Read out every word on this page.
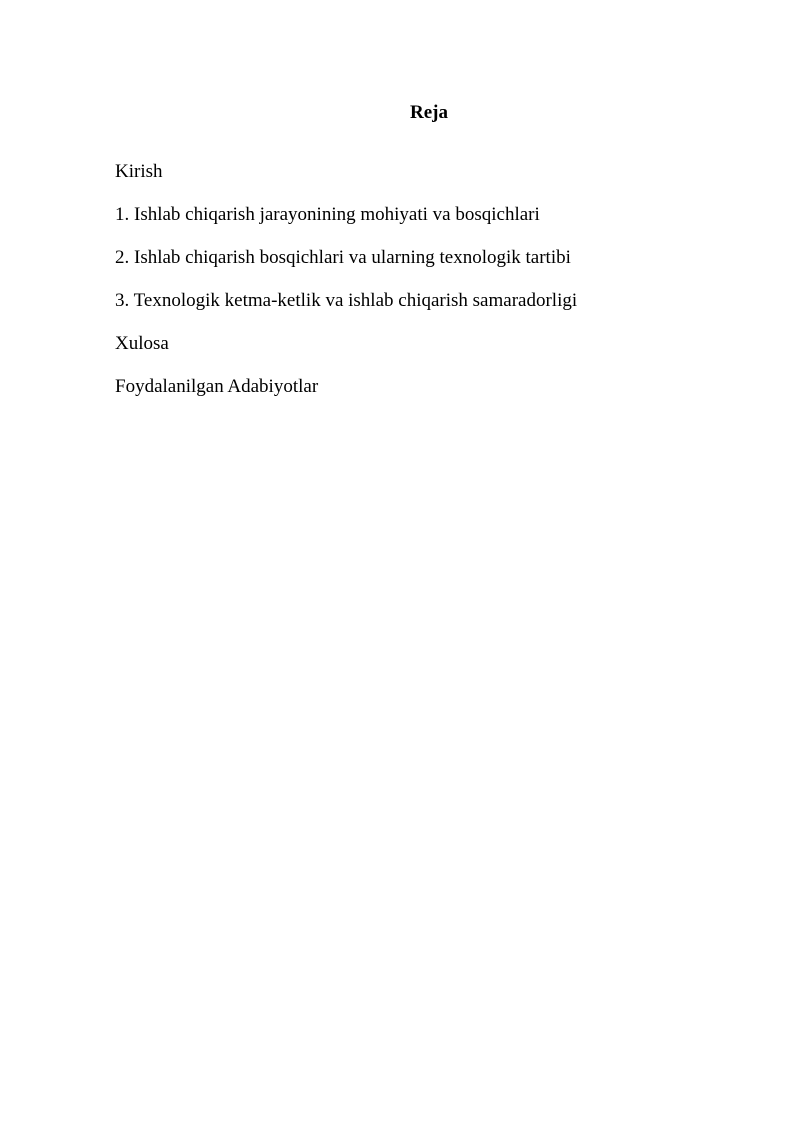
Reja
Kirish
1. Ishlab chiqarish jarayonining mohiyati va bosqichlari
2. Ishlab chiqarish bosqichlari va ularning texnologik tartibi
3. Texnologik ketma-ketlik va ishlab chiqarish samaradorligi
Xulosa
Foydalanilgan Adabiyotlar
